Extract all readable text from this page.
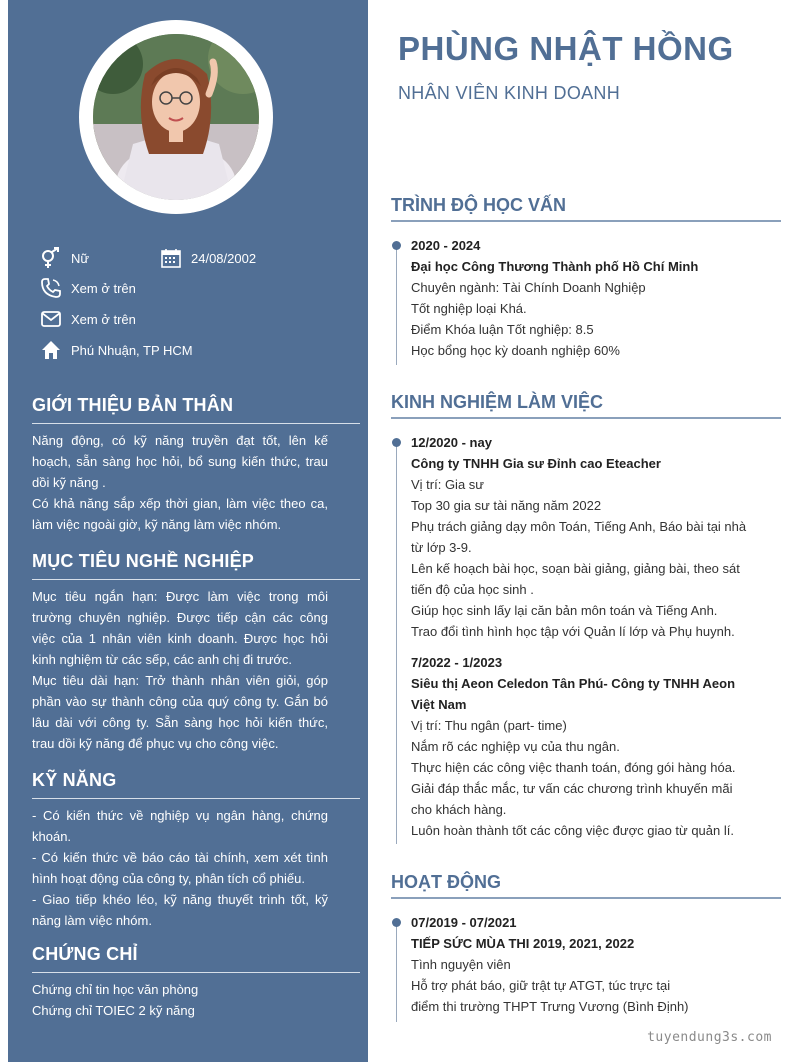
Nữ	24/08/2002
Xem ở trên
Xem ở trên
Phú Nhuận, TP HCM
GIỚI THIỆU BẢN THÂN

Năng động, có kỹ năng truyền đạt tốt, lên kế hoạch, sẵn sàng học hỏi, bổ sung kiến thức, trau dồi kỹ năng .

Có khả năng sắp xếp thời gian, làm việc theo ca, làm việc ngoài giờ, kỹ năng làm việc nhóm.

MỤC TIÊU NGHỀ NGHIỆP

Mục tiêu ngắn hạn: Được làm việc trong môi trường chuyên nghiệp. Được tiếp cận các công việc của 1 nhân viên kinh doanh. Được học hỏi kinh nghiệm từ các sếp, các anh chị đi trước.

Mục tiêu dài hạn: Trở thành nhân viên giỏi, góp phần vào sự thành công của quý công ty. Gắn bó lâu dài với công ty. Sẵn sàng học hỏi kiến thức, trau dồi kỹ năng để phục vụ cho công việc.

KỸ NĂNG

- Có kiến thức về nghiệp vụ ngân hàng, chứng khoán.

- Có kiến thức về báo cáo tài chính, xem xét tình hình hoạt động của công ty, phân tích cổ phiếu.

- Giao tiếp khéo léo, kỹ năng thuyết trình tốt, kỹ năng làm việc nhóm.

CHỨNG CHỈ

Chứng chỉ tin học văn phòng

Chứng chỉ TOIEC 2 kỹ năng

PHÙNG NHẬT HỒNG
NHÂN VIÊN KINH DOANH
TRÌNH ĐỘ HỌC VẤN

2020 - 2024

Đại học Công Thương Thành phố Hồ Chí Minh

Chuyên ngành: Tài Chính Doanh Nghiệp

Tốt nghiệp loại Khá.

Điểm Khóa luận Tốt nghiệp: 8.5

Học bổng học kỳ doanh nghiệp 60%

KINH NGHIỆM LÀM VIỆC

12/2020 - nay

Công ty TNHH Gia sư Đỉnh cao Eteacher

Vị trí: Gia sư

Top 30 gia sư tài năng năm 2022

Phụ trách giảng dạy môn Toán, Tiếng Anh, Báo bài tại nhà từ lớp 3-9.

Lên kế hoạch bài học, soạn bài giảng, giảng bài, theo sát tiến độ của học sinh .

Giúp học sinh lấy lại căn bản môn toán và Tiếng Anh.

Trao đổi tình hình học tập với Quản lí lớp và Phụ huynh.

7/2022 - 1/2023

Siêu thị Aeon Celedon Tân Phú- Công ty TNHH Aeon Việt Nam

Vị trí: Thu ngân (part- time)

Nắm rõ các nghiệp vụ của thu ngân.

Thực hiện các công việc thanh toán, đóng gói hàng hóa.

Giải đáp thắc mắc, tư vấn các chương trình khuyến mãi cho khách hàng.

Luôn hoàn thành tốt các công việc được giao từ quản lí.

HOẠT ĐỘNG

07/2019 - 07/2021

TIẾP SỨC MÙA THI 2019, 2021, 2022

Tình nguyện viên

Hỗ trợ phát báo, giữ trật tự ATGT, túc trực tại điểm thi trường THPT Trưng Vương (Bình Định)

tuyendung3s.com
